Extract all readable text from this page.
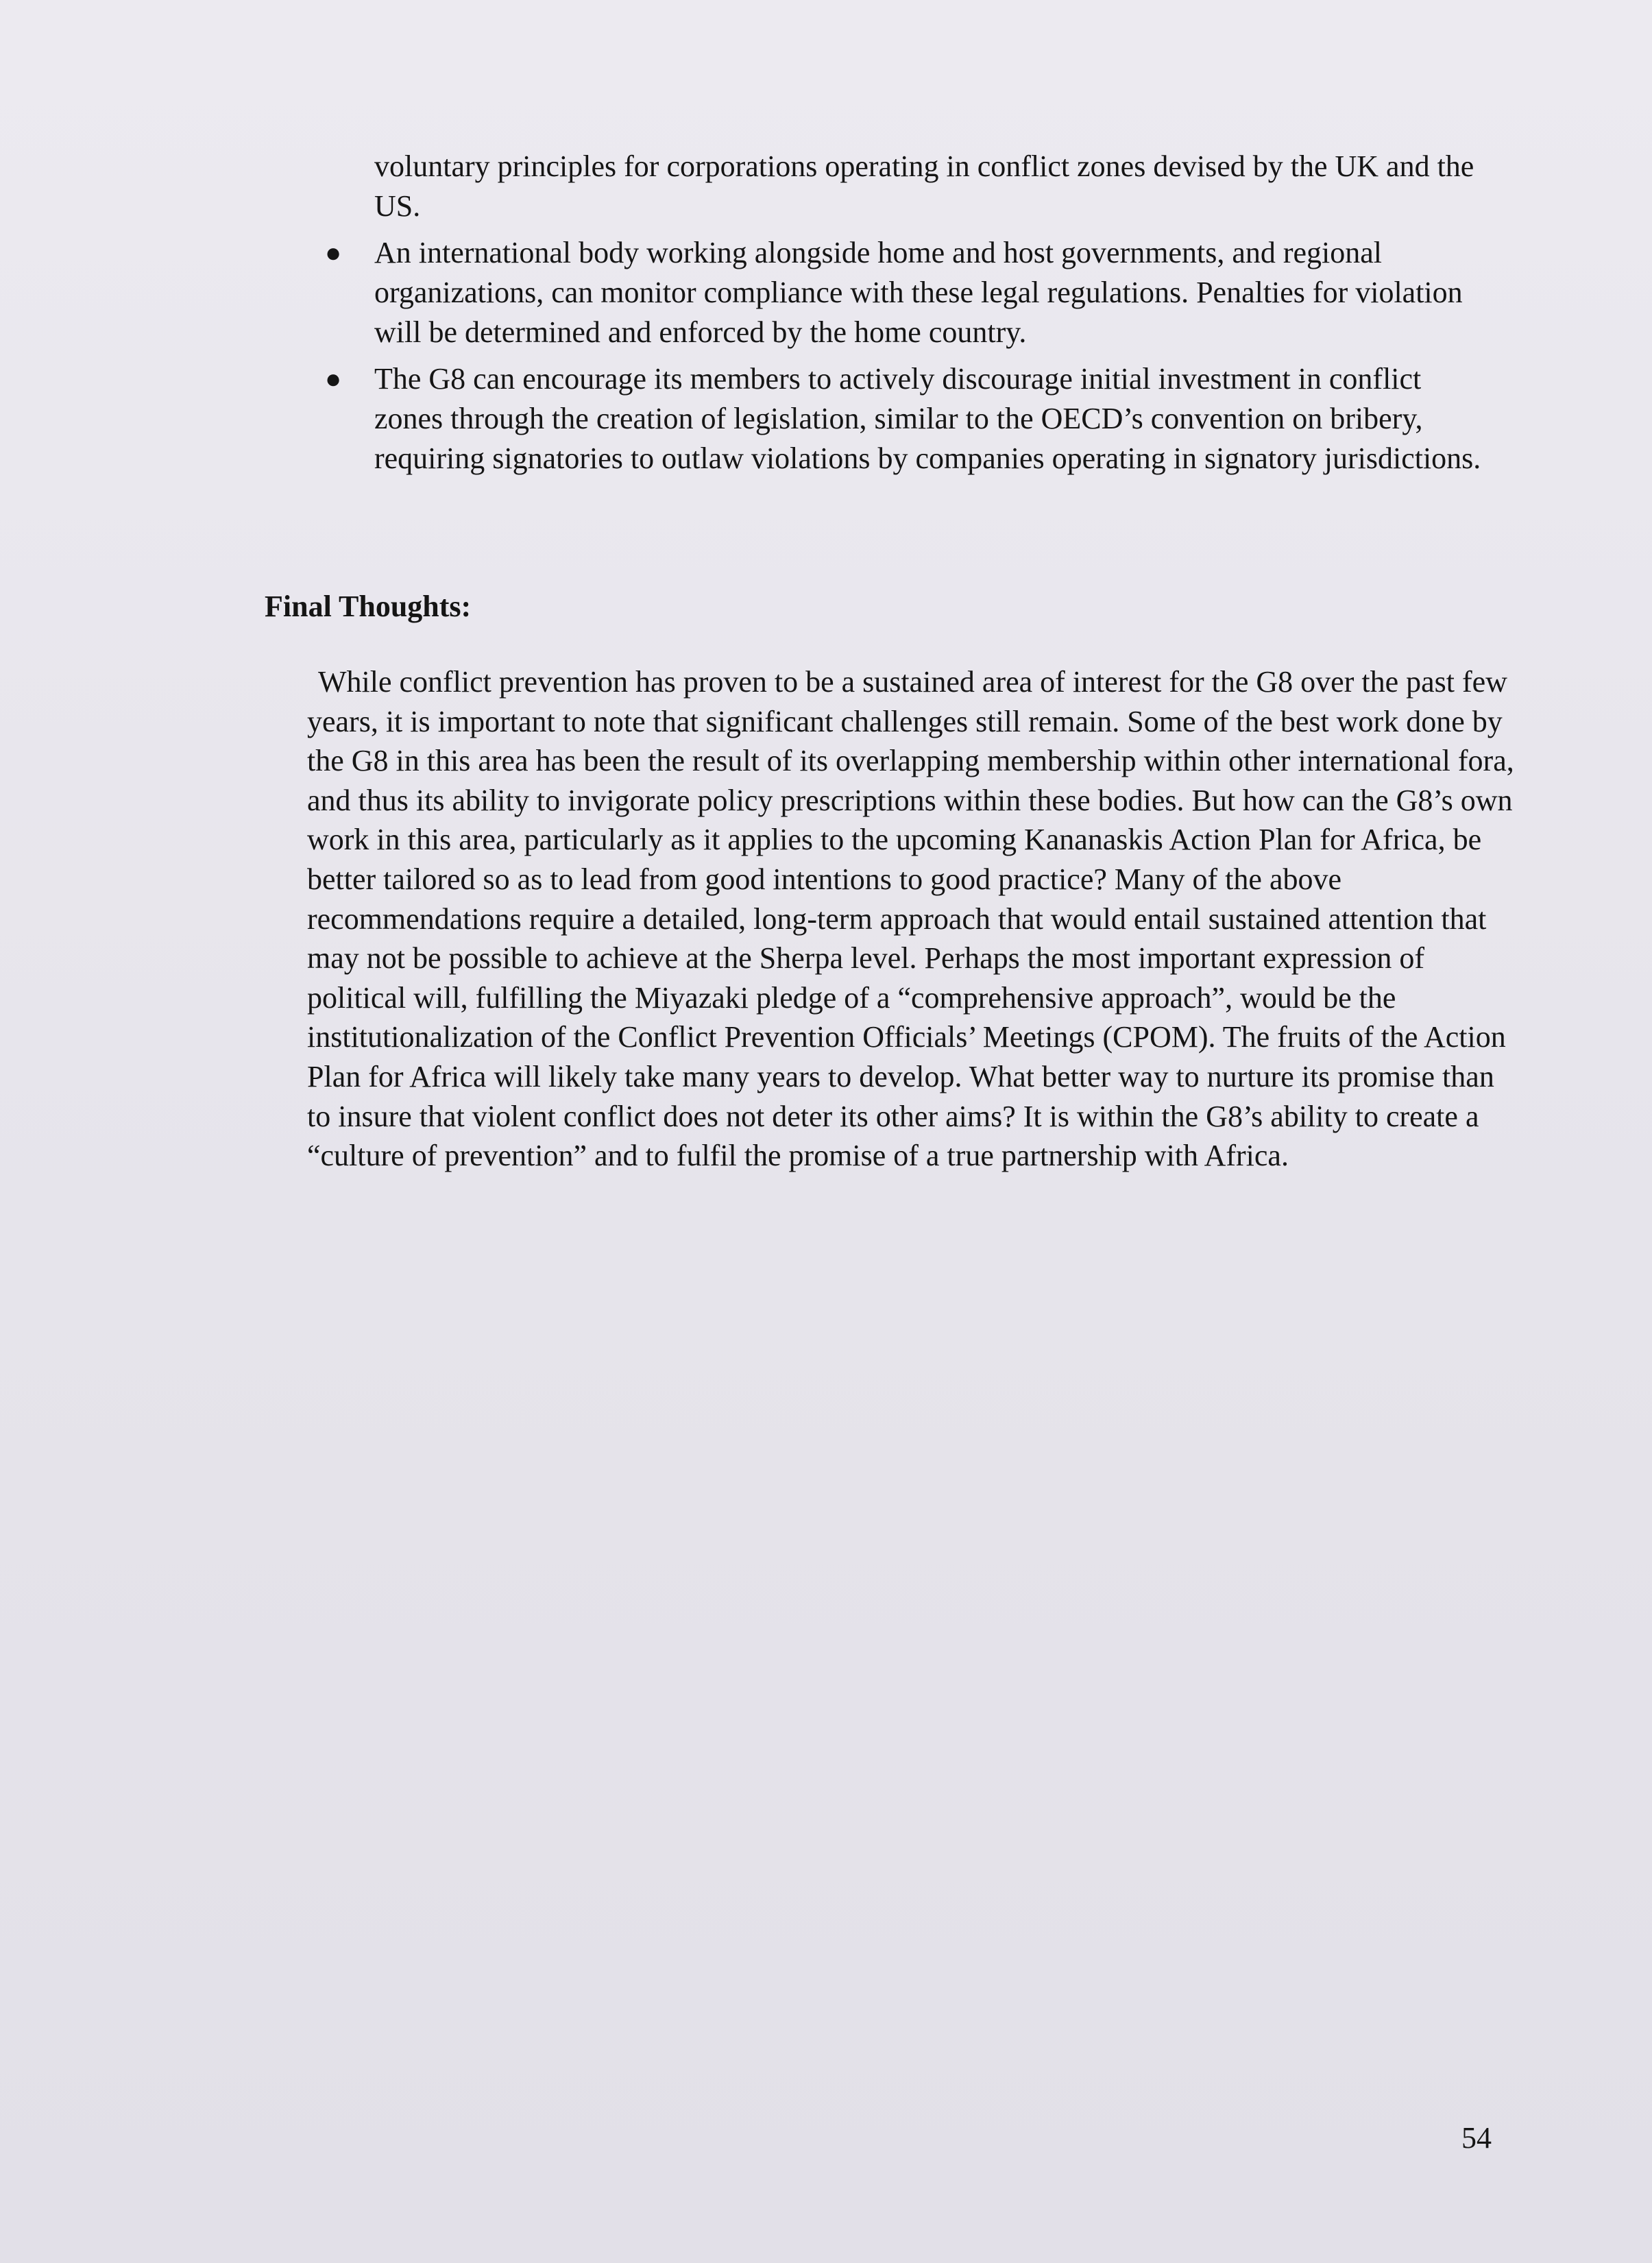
voluntary principles for corporations operating in conflict zones devised by the UK and the US.
● An international body working alongside home and host governments, and regional organizations, can monitor compliance with these legal regulations. Penalties for violation will be determined and enforced by the home country.
● The G8 can encourage its members to actively discourage initial investment in conflict zones through the creation of legislation, similar to the OECD’s convention on bribery, requiring signatories to outlaw violations by companies operating in signatory jurisdictions.
Final Thoughts:

While conflict prevention has proven to be a sustained area of interest for the G8 over the past few years, it is important to note that significant challenges still remain. Some of the best work done by the G8 in this area has been the result of its overlapping membership within other international fora, and thus its ability to invigorate policy prescriptions within these bodies. But how can the G8’s own work in this area, particularly as it applies to the upcoming Kananaskis Action Plan for Africa, be better tailored so as to lead from good intentions to good practice? Many of the above recommendations require a detailed, long-term approach that would entail sustained attention that may not be possible to achieve at the Sherpa level. Perhaps the most important expression of political will, fulfilling the Miyazaki pledge of a “comprehensive approach”, would be the institutionalization of the Conflict Prevention Officials’ Meetings (CPOM). The fruits of the Action Plan for Africa will likely take many years to develop. What better way to nurture its promise than to insure that violent conflict does not deter its other aims? It is within the G8’s ability to create a “culture of prevention” and to fulfil the promise of a true partnership with Africa.

54
